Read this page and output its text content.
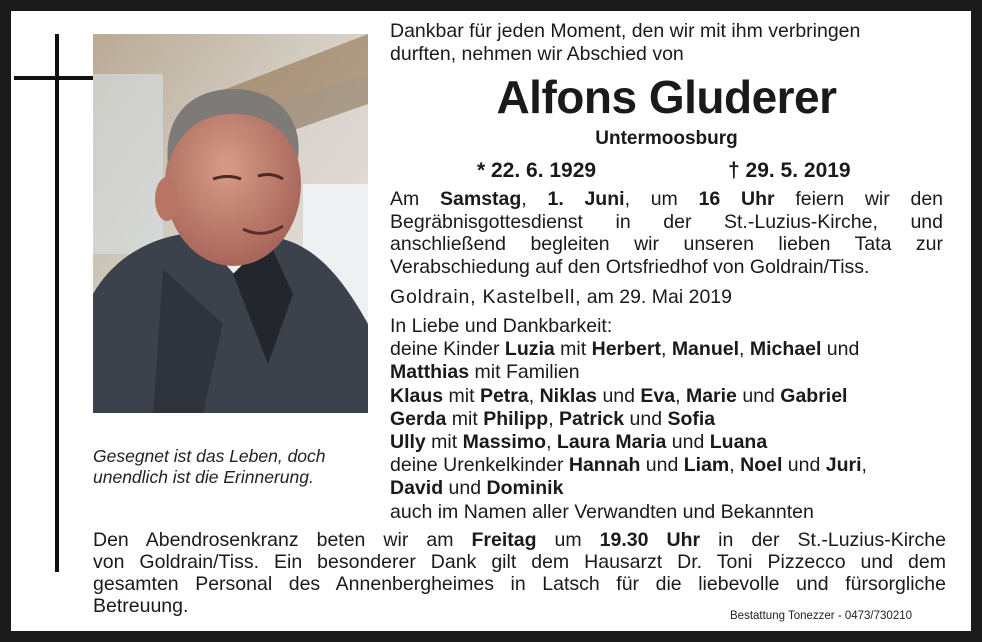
Gesegnet ist das Leben, doch
unendlich ist die Erinnerung.
Dankbar für jeden Moment, den wir mit ihm verbringen
durften, nehmen wir Abschied von
Alfons Gluderer
Untermoosburg
* 22. 6. 1929	† 29. 5. 2019
Am Samstag, 1. Juni, um 16 Uhr feiern wir den
Begräbnisgottesdienst in der St.-Luzius-Kirche, und
anschließend begleiten wir unseren lieben Tata zur
Verabschiedung auf den Ortsfriedhof von Goldrain/Tiss.
Goldrain, Kastelbell, am 29. Mai 2019
In Liebe und Dankbarkeit:
deine Kinder Luzia mit Herbert, Manuel, Michael und
Matthias mit Familien
Klaus mit Petra, Niklas und Eva, Marie und Gabriel
Gerda mit Philipp, Patrick und Sofia
Ully mit Massimo, Laura Maria und Luana
deine Urenkelkinder Hannah und Liam, Noel und Juri,
David und Dominik
auch im Namen aller Verwandten und Bekannten
Den Abendrosenkranz beten wir am Freitag um 19.30 Uhr in der St.-Luzius-Kirche
von Goldrain/Tiss. Ein besonderer Dank gilt dem Hausarzt Dr. Toni Pizzecco und dem
gesamten Personal des Annenbergheimes in Latsch für die liebevolle und fürsorgliche
Betreuung.	Bestattung Tonezzer - 0473/730210
